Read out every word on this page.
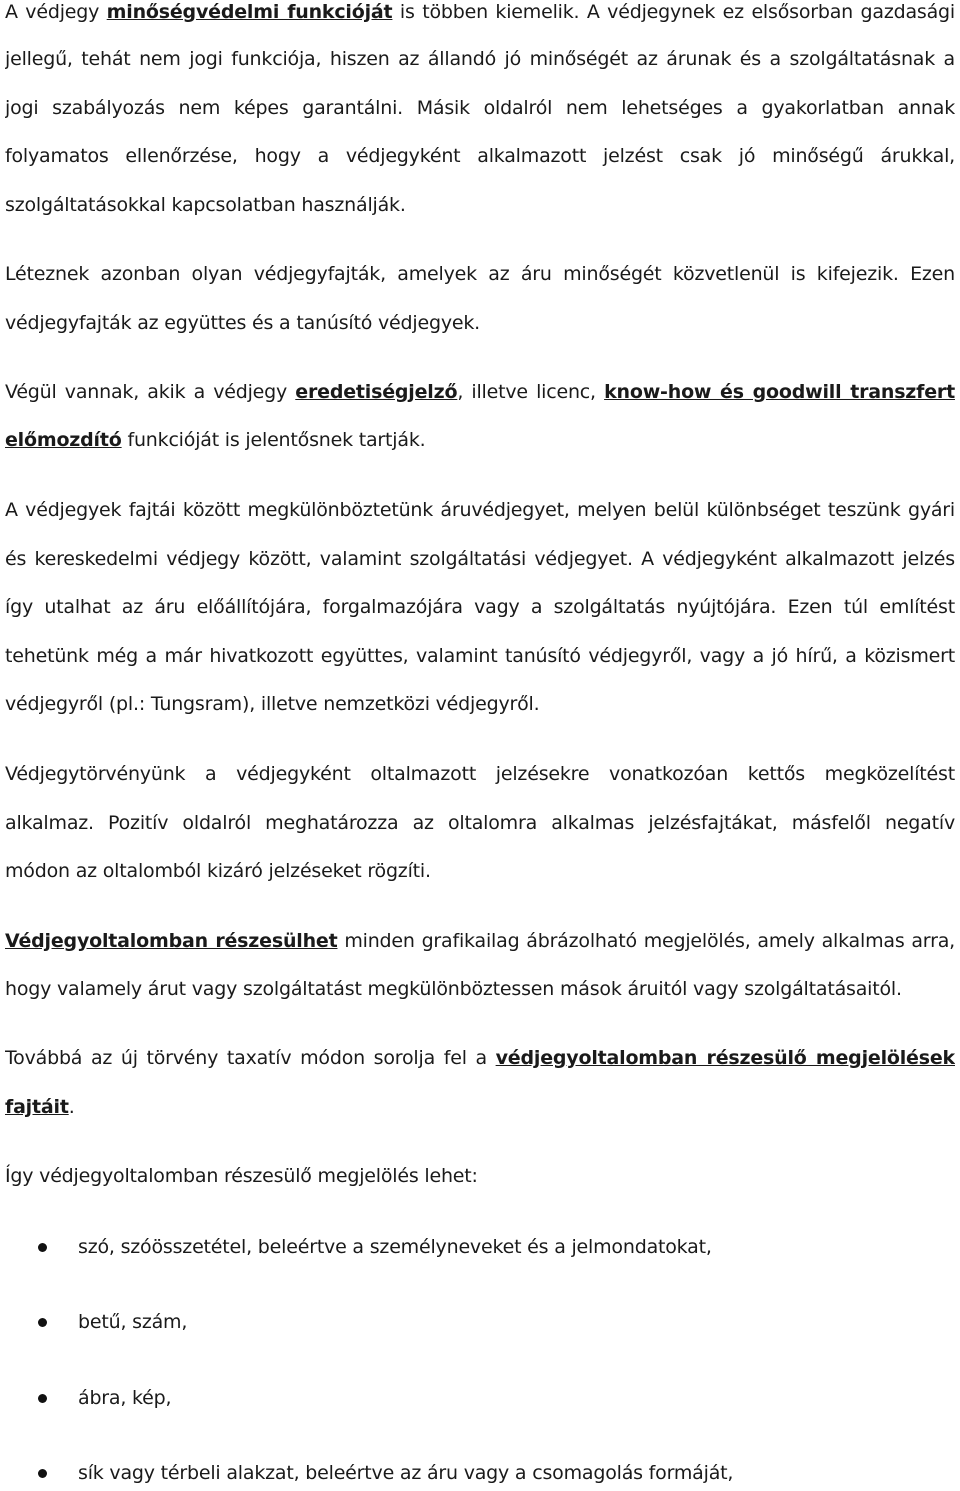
A védjegy minőségvédelmi funkcióját is többen kiemelik. A védjegynek ez elsősorban gazdasági
jellegű, tehát nem jogi funkciója, hiszen az állandó jó minőségét az árunak és a szolgáltatásnak a
jogi szabályozás nem képes garantálni. Másik oldalról nem lehetséges a gyakorlatban annak
folyamatos ellenőrzése, hogy a védjegyként alkalmazott jelzést csak jó minőségű árukkal,
szolgáltatásokkal kapcsolatban használják.
Léteznek azonban olyan védjegyfajták, amelyek az áru minőségét közvetlenül is kifejezik. Ezen
védjegyfajták az együttes és a tanúsító védjegyek.
Végül vannak, akik a védjegy eredetiségjelző, illetve licenc, know-how és goodwill transzfert
előmozdító funkcióját is jelentősnek tartják.
A védjegyek fajtái között megkülönböztetünk áruvédjegyet, melyen belül különbséget teszünk gyári
és kereskedelmi védjegy között, valamint szolgáltatási védjegyet. A védjegyként alkalmazott jelzés
így utalhat az áru előállítójára, forgalmazójára vagy a szolgáltatás nyújtójára. Ezen túl említést
tehetünk még a már hivatkozott együttes, valamint tanúsító védjegyről, vagy a jó hírű, a közismert
védjegyről (pl.: Tungsram), illetve nemzetközi védjegyről.
Védjegytörvényünk a védjegyként oltalmazott jelzésekre vonatkozóan kettős megközelítést
alkalmaz. Pozitív oldalról meghatározza az oltalomra alkalmas jelzésfajtákat, másfelől negatív
módon az oltalomból kizáró jelzéseket rögzíti.
Védjegyoltalomban részesülhet minden grafikailag ábrázolható megjelölés, amely alkalmas arra,
hogy valamely árut vagy szolgáltatást megkülönböztessen mások áruitól vagy szolgáltatásaitól.
Továbbá az új törvény taxatív módon sorolja fel a védjegyoltalomban részesülő megjelölések
fajtáit.
Így védjegyoltalomban részesülő megjelölés lehet:
szó, szóösszetétel, beleértve a személyneveket és a jelmondatokat,
betű, szám,
ábra, kép,
sík vagy térbeli alakzat, beleértve az áru vagy a csomagolás formáját,
